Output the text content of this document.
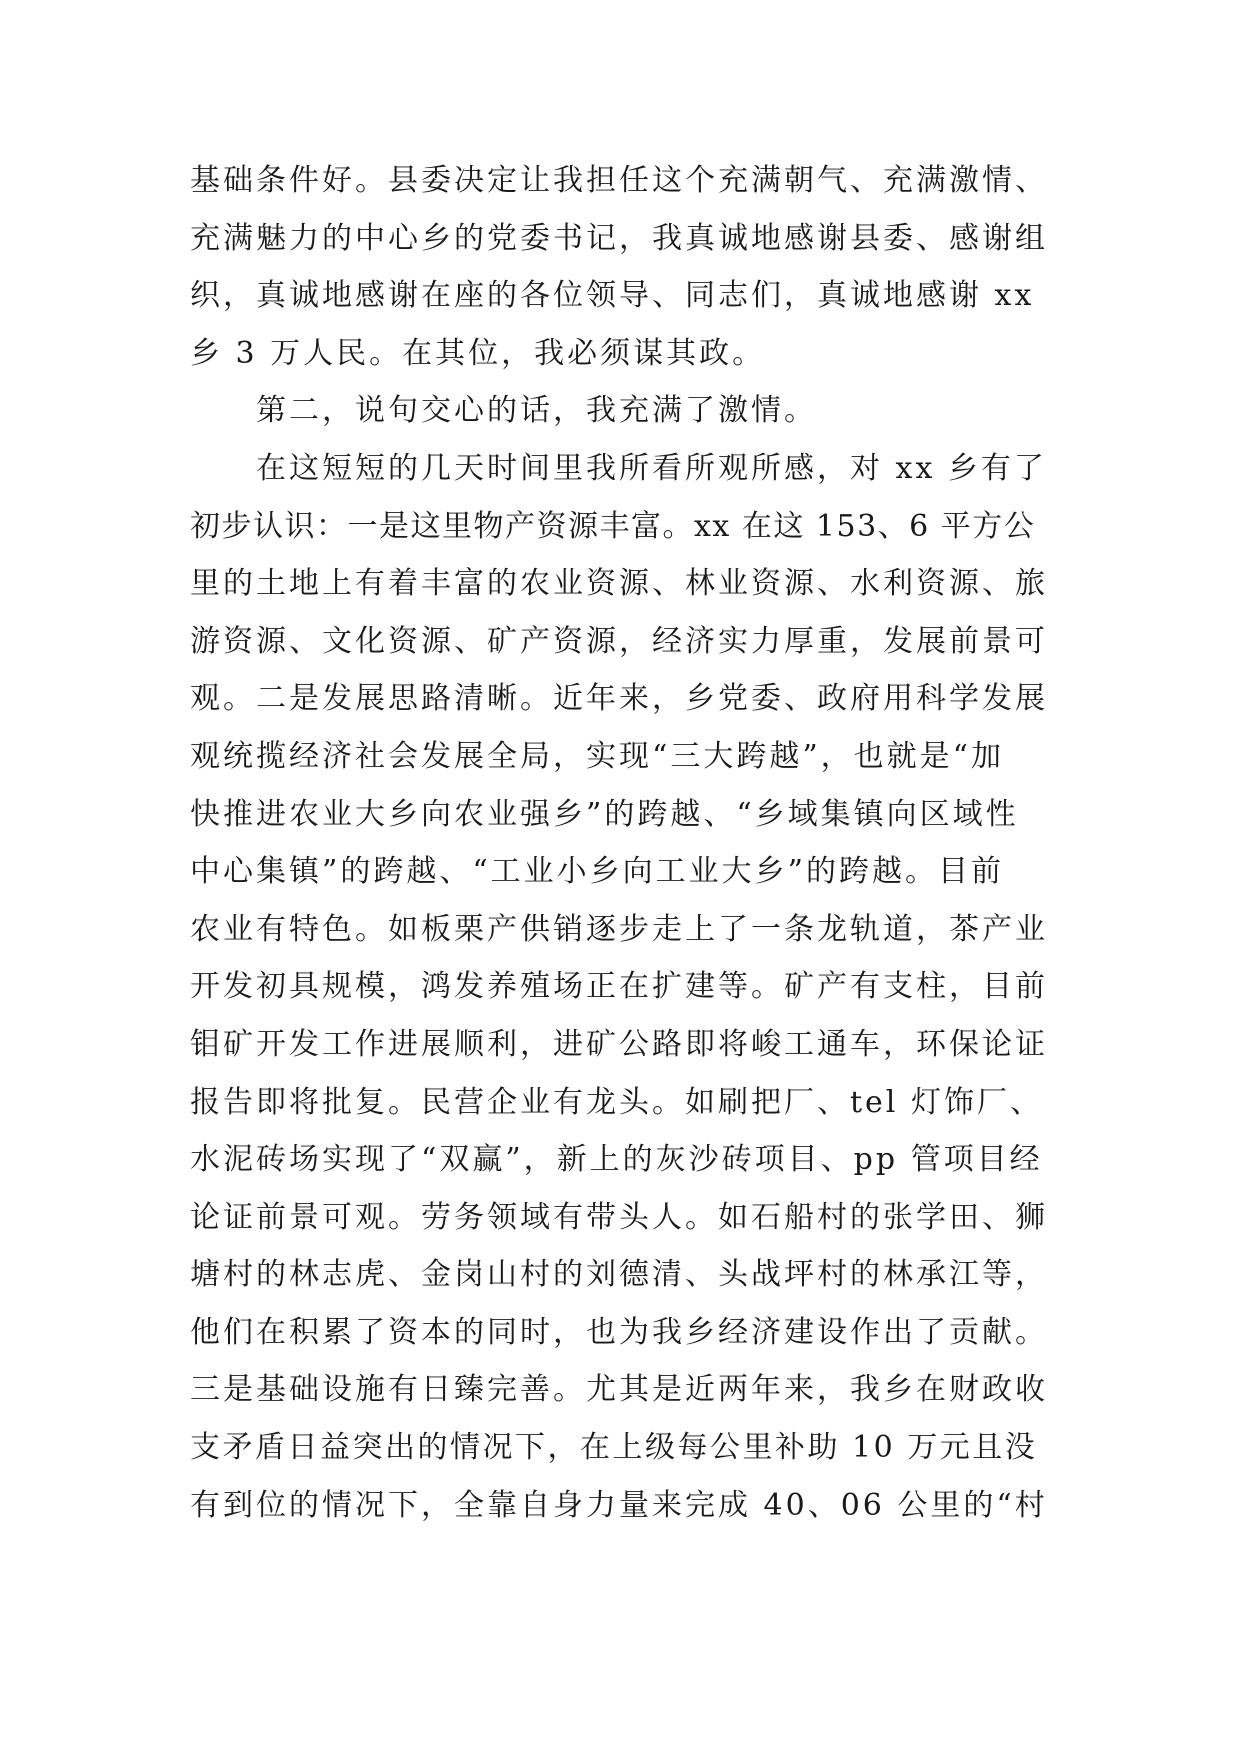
基础条件好。县委决定让我担任这个充满朝气、充满激情、
充满魅力的中心乡的党委书记，我真诚地感谢县委、感谢组
织，真诚地感谢在座的各位领导、同志们，真诚地感谢 xx
乡 3 万人民。在其位，我必须谋其政。
第二，说句交心的话，我充满了激情。
在这短短的几天时间里我所看所观所感，对 xx 乡有了
初步认识：一是这里物产资源丰富。xx 在这 153、6 平方公
里的土地上有着丰富的农业资源、林业资源、水利资源、旅
游资源、文化资源、矿产资源，经济实力厚重，发展前景可
观。二是发展思路清晰。近年来，乡党委、政府用科学发展
观统揽经济社会发展全局，实现“三大跨越”，也就是“加
快推进农业大乡向农业强乡”的跨越、“乡域集镇向区域性
中心集镇”的跨越、“工业小乡向工业大乡”的跨越。目前
农业有特色。如板栗产供销逐步走上了一条龙轨道，茶产业
开发初具规模，鸿发养殖场正在扩建等。矿产有支柱，目前
钼矿开发工作进展顺利，进矿公路即将峻工通车，环保论证
报告即将批复。民营企业有龙头。如刷把厂、tel 灯饰厂、
水泥砖场实现了“双赢”，新上的灰沙砖项目、pp 管项目经
论证前景可观。劳务领域有带头人。如石船村的张学田、狮
塘村的林志虎、金岗山村的刘德清、头战坪村的林承江等，
他们在积累了资本的同时，也为我乡经济建设作出了贡献。
三是基础设施有日臻完善。尤其是近两年来，我乡在财政收
支矛盾日益突出的情况下，在上级每公里补助 10 万元且没
有到位的情况下，全靠自身力量来完成 40、06 公里的“村
